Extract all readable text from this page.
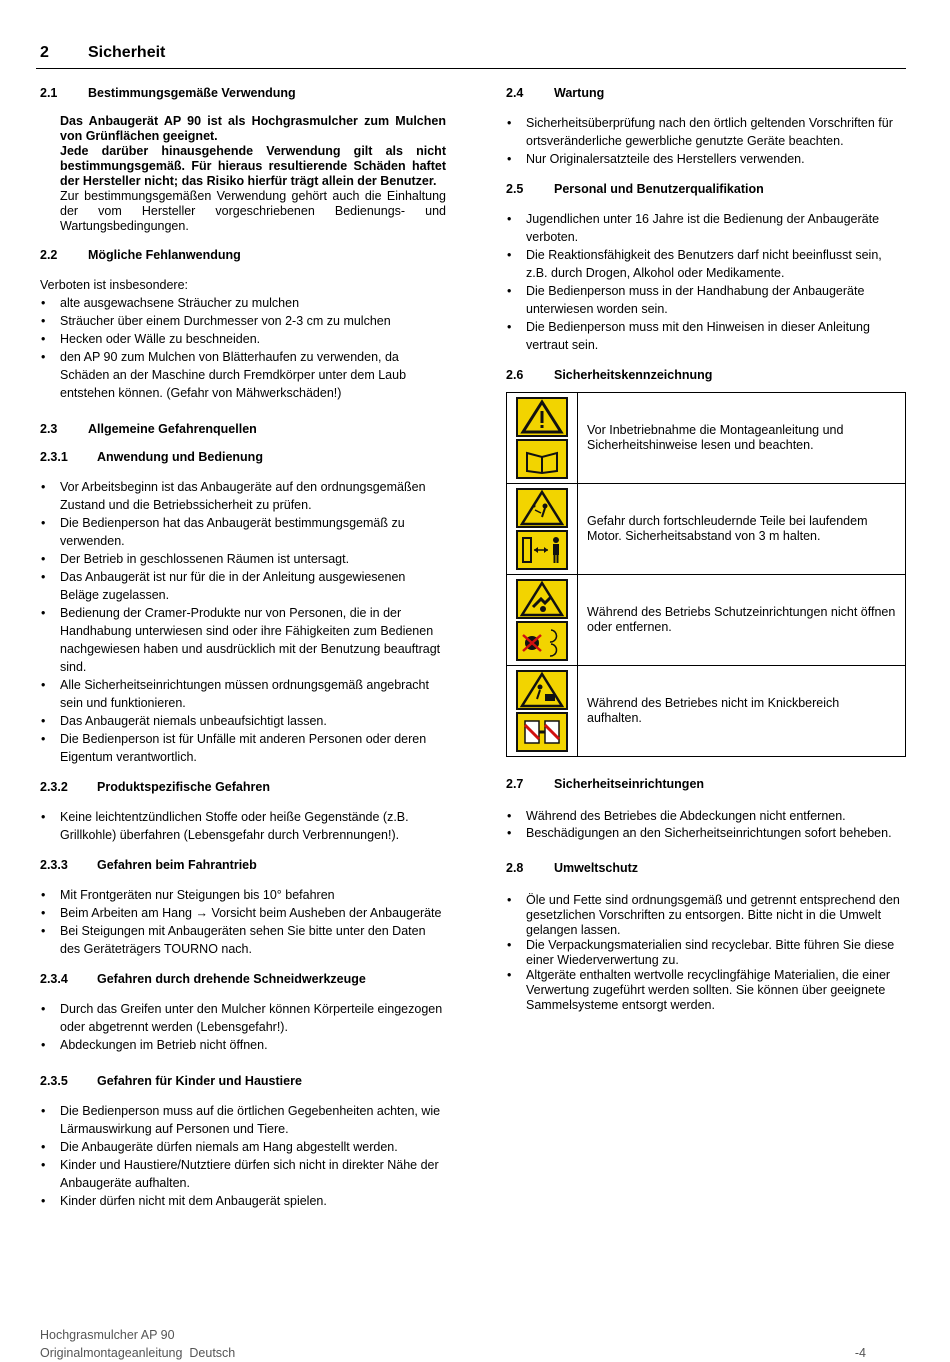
2 Sicherheit
2.1	Bestimmungsgemäße Verwendung

Das Anbaugerät AP 90 ist als Hochgrasmulcher zum Mulchen von Grünflächen geeignet.

Jede darüber hinausgehende Verwendung gilt als nicht bestimmungsgemäß. Für hieraus resultierende Schäden haftet der Hersteller nicht; das Risiko hierfür trägt allein der Benutzer.

Zur bestimmungsgemäßen Verwendung gehört auch die Einhaltung der vom Hersteller vorgeschriebenen Bedienungs- und Wartungsbedingungen.

2.2	Mögliche Fehlanwendung

Verboten ist insbesondere:

• alte ausgewachsene Sträucher zu mulchen
• Sträucher über einem Durchmesser von 2-3 cm zu mulchen
• Hecken oder Wälle zu beschneiden.
• den AP 90 zum Mulchen von Blätterhaufen zu verwenden, da Schäden an der Maschine durch Fremdkörper unter dem Laub entstehen können. (Gefahr von Mähwerkschäden!)
2.3	Allgemeine Gefahrenquellen
2.3.1	Anwendung und Bedienung
• Vor Arbeitsbeginn ist das Anbaugeräte auf den ordnungsgemäßen Zustand und die Betriebssicherheit zu prüfen.
• Die Bedienperson hat das Anbaugerät bestimmungsgemäß zu verwenden.
• Der Betrieb in geschlossenen Räumen ist untersagt.
• Das Anbaugerät ist nur für die in der Anleitung ausgewiesenen Beläge zugelassen.
• Bedienung der Cramer-Produkte nur von Personen, die in der Handhabung unterwiesen sind oder ihre Fähigkeiten zum Bedienen nachgewiesen haben und ausdrücklich mit der Benutzung beauftragt sind.
• Alle Sicherheitseinrichtungen müssen ordnungsgemäß angebracht sein und funktionieren.
• Das Anbaugerät niemals unbeaufsichtigt lassen.
• Die Bedienperson ist für Unfälle mit anderen Personen oder deren Eigentum verantwortlich.
2.3.2	Produktspezifische Gefahren
• Keine leichtentzündlichen Stoffe oder heiße Gegenstände (z.B. Grillkohle) überfahren (Lebensgefahr durch Verbrennungen!).
2.3.3	Gefahren beim Fahrantrieb
• Mit Frontgeräten nur Steigungen bis 10° befahren
• Beim Arbeiten am Hang → Vorsicht beim Ausheben der Anbaugeräte
• Bei Steigungen mit Anbaugeräten sehen Sie bitte unter den Daten des Geräteträgers TOURNO nach.
2.3.4	Gefahren durch drehende Schneidwerkzeuge
• Durch das Greifen unter den Mulcher können Körperteile eingezogen oder abgetrennt werden (Lebensgefahr!).
• Abdeckungen im Betrieb nicht öffnen.
2.3.5	Gefahren für Kinder und Haustiere
• Die Bedienperson muss auf die örtlichen Gegebenheiten achten, wie Lärmauswirkung auf Personen und Tiere.
• Die Anbaugeräte dürfen niemals am Hang abgestellt werden.
• Kinder und Haustiere/Nutztiere dürfen sich nicht in direkter Nähe der Anbaugeräte aufhalten.
• Kinder dürfen nicht mit dem Anbaugerät spielen.
2.4	Wartung
• Sicherheitsüberprüfung nach den örtlich geltenden Vorschriften für ortsveränderliche gewerbliche genutzte Geräte beachten.
• Nur Originalersatzteile des Herstellers verwenden.
2.5	Personal und Benutzerqualifikation
• Jugendlichen unter 16 Jahre ist die Bedienung der Anbaugeräte verboten.
• Die Reaktionsfähigkeit des Benutzers darf nicht beeinflusst sein, z.B. durch Drogen, Alkohol oder Medikamente.
• Die Bedienperson muss in der Handhabung der Anbaugeräte unterwiesen worden sein.
• Die Bedienperson muss mit den Hinweisen in dieser Anleitung vertraut sein.
2.6	Sicherheitskennzeichnung
	Vor Inbetriebnahme die Montageanleitung und Sicherheitshinweise lesen und beachten.

	Gefahr durch fortschleudernde Teile bei laufendem Motor. Sicherheitsabstand von 3 m halten.

	Während des Betriebs Schutzeinrichtungen nicht öffnen oder entfernen.

	Während des Betriebes nicht im Knickbereich aufhalten.
2.7	Sicherheitseinrichtungen
• Während des Betriebes die Abdeckungen nicht entfernen.
• Beschädigungen an den Sicherheitseinrichtungen sofort beheben.
2.8	Umweltschutz
• Öle und Fette sind ordnungsgemäß und getrennt entsprechend den gesetzlichen Vorschriften zu entsorgen. Bitte nicht in die Umwelt gelangen lassen.
• Die Verpackungsmaterialien sind recyclebar. Bitte führen Sie diese einer Wiederverwertung zu.
• Altgeräte enthalten wertvolle recyclingfähige Materialien, die einer Verwertung zugeführt werden sollten. Sie können über geeignete Sammelsysteme entsorgt werden.
Hochgrasmulcher AP 90
Originalmontageanleitung  Deutsch	-4
